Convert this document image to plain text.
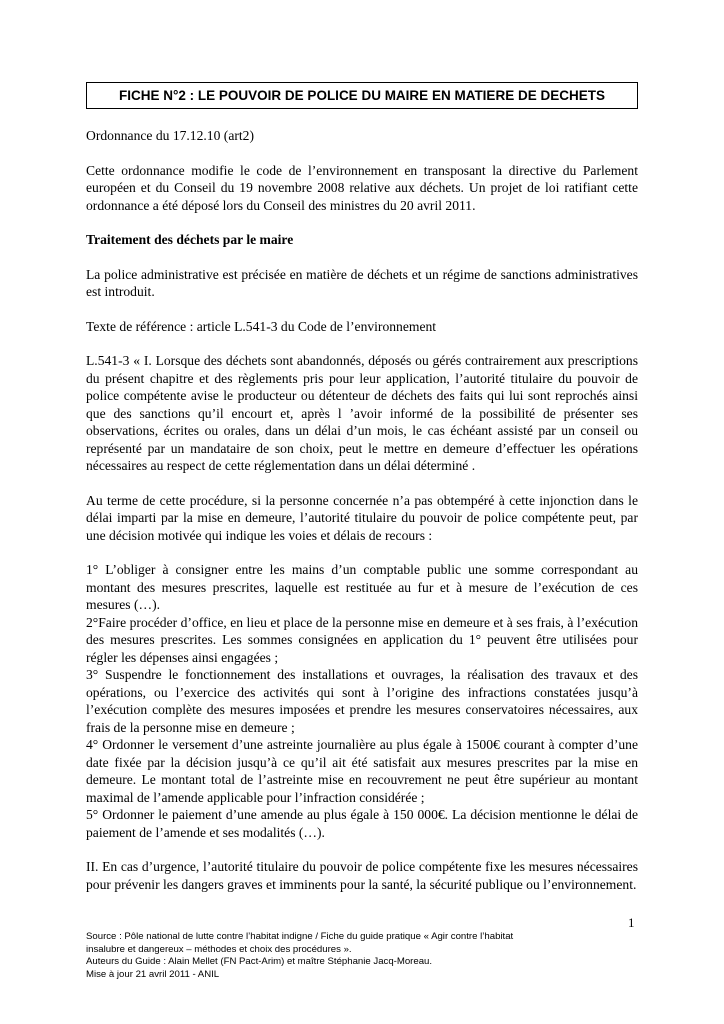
FICHE N°2 : LE POUVOIR DE POLICE DU MAIRE EN MATIERE DE DECHETS

Ordonnance du 17.12.10 (art2)

Cette ordonnance modifie le code de l’environnement en transposant la directive du Parlement européen et du Conseil du 19 novembre 2008 relative aux déchets. Un projet de loi ratifiant cette ordonnance a été déposé lors du Conseil des ministres du 20 avril 2011.

Traitement des déchets par le maire

La police administrative est précisée en matière de déchets et un régime de sanctions administratives est introduit.

Texte de référence : article L.541-3 du Code de l’environnement

L.541-3 « I. Lorsque des déchets sont abandonnés, déposés ou gérés contrairement aux prescriptions du présent chapitre et des règlements pris pour leur application, l’autorité titulaire du pouvoir de police compétente avise le producteur ou détenteur de déchets des faits qui lui sont reprochés ainsi que des sanctions qu’il encourt et, après l ’avoir informé de la possibilité de présenter ses observations, écrites ou orales, dans un délai d’un mois, le cas échéant assisté par un conseil ou représenté par un mandataire de son choix, peut le mettre en demeure d’effectuer les opérations nécessaires au respect de cette réglementation dans un délai déterminé .

Au terme de cette procédure, si la personne concernée n’a pas obtempéré à cette injonction dans le délai imparti par la mise en demeure, l’autorité titulaire du pouvoir de police compétente peut, par une décision motivée qui indique les voies et délais de recours :

1° L’obliger à consigner entre les mains d’un comptable public une somme correspondant au montant des mesures prescrites, laquelle est restituée au fur et à mesure de l’exécution de ces mesures (…).

2°Faire procéder d’office, en lieu et place de la personne mise en demeure et à ses frais, à l’exécution des mesures prescrites. Les sommes consignées en application du 1° peuvent être utilisées pour régler les dépenses ainsi engagées ;

3° Suspendre le fonctionnement des installations et ouvrages, la réalisation des travaux et des opérations, ou l’exercice des activités qui sont à l’origine des infractions constatées jusqu’à l’exécution complète des mesures imposées et prendre les mesures conservatoires nécessaires, aux frais de la personne mise en demeure ;

4° Ordonner le versement d’une astreinte journalière au plus égale à 1500€ courant à compter d’une date fixée par la décision jusqu’à ce qu’il ait été satisfait aux mesures prescrites par la mise en demeure. Le montant total de l’astreinte mise en recouvrement ne peut être supérieur au montant maximal de l’amende applicable pour l’infraction considérée ;

5° Ordonner le paiement d’une amende au plus égale à 150 000€. La décision mentionne le délai de paiement de l’amende et ses modalités (…).

II. En cas d’urgence, l’autorité titulaire du pouvoir de police compétente fixe les mesures nécessaires pour prévenir les dangers graves et imminents pour la santé, la sécurité publique ou l’environnement.

1
Source : Pôle national de lutte contre l’habitat indigne / Fiche du guide pratique « Agir contre l’habitat
insalubre et dangereux – méthodes et choix des procédures ».
Auteurs du Guide : Alain Mellet (FN Pact-Arim) et maître Stéphanie Jacq-Moreau.
Mise à jour 21 avril 2011 - ANIL
